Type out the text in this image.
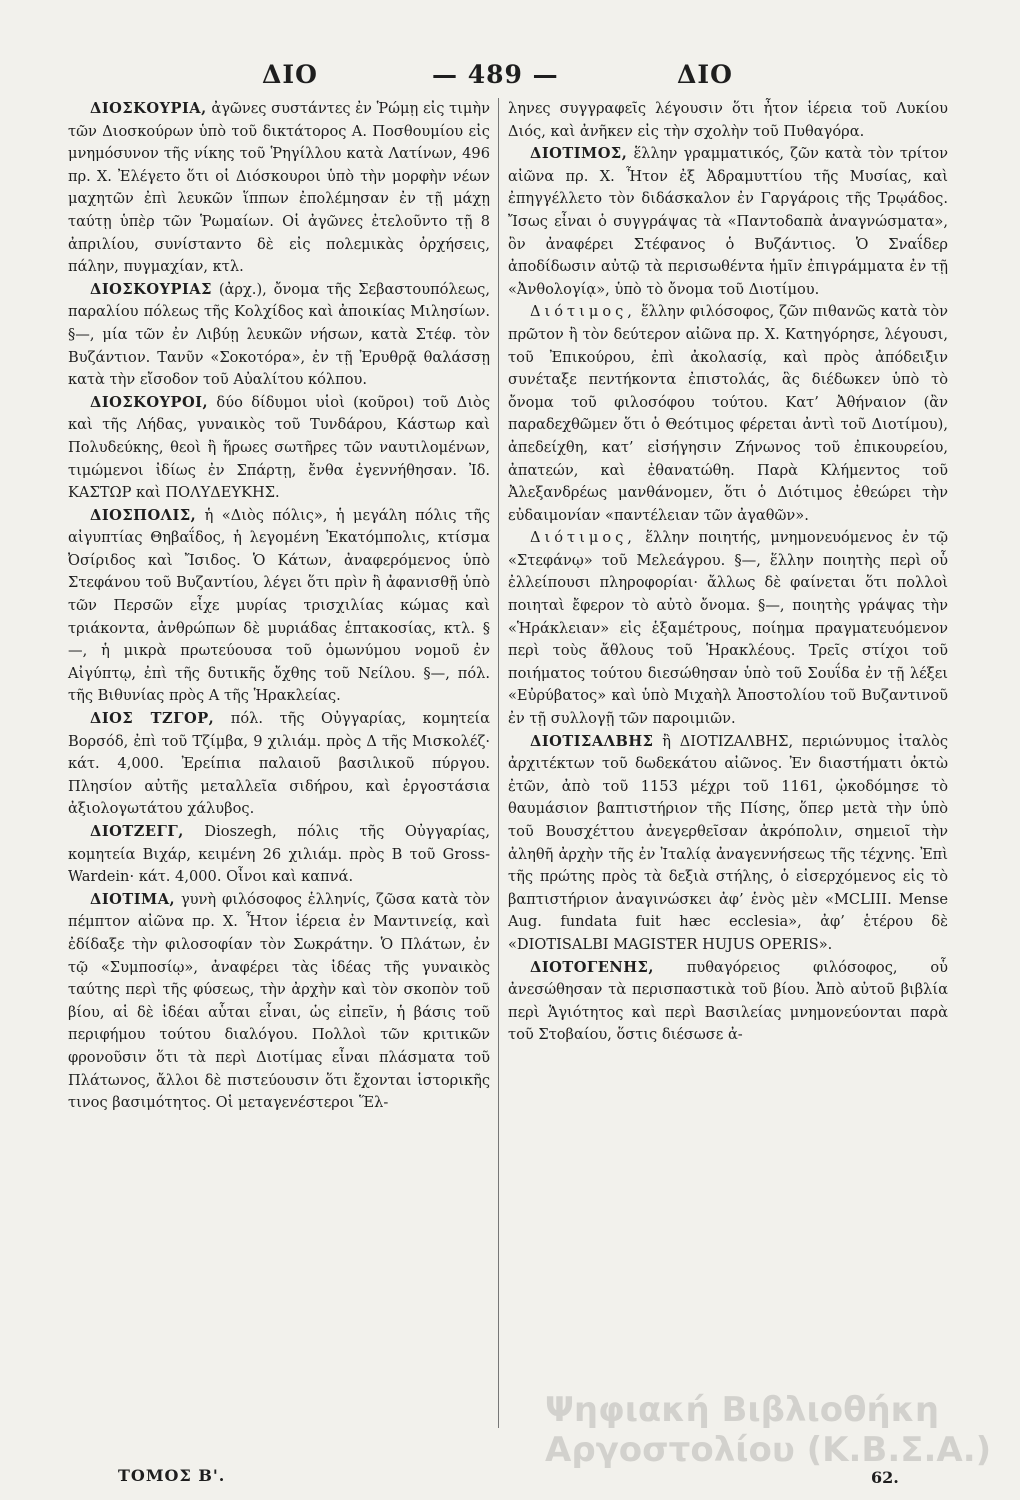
ΔΙΟ	— 489 —	ΔΙΟ

ΔΙΟΣΚΟΥΡΙΑ, ἀγῶνες συστάντες ἐν Ῥώμῃ εἰς τιμὴν τῶν Διοσκούρων ὑπὸ τοῦ δικτάτορος Α. Ποσθουμίου εἰς μνημόσυνον τῆς νίκης τοῦ Ῥηγίλλου κατὰ Λατίνων, 496 πρ. Χ. Ἐλέγετο ὅτι οἱ Διόσκουροι ὑπὸ τὴν μορφὴν νέων μαχητῶν ἐπὶ λευκῶν ἵππων ἐπολέμησαν ἐν τῇ μάχῃ ταύτῃ ὑπὲρ τῶν Ῥωμαίων. Οἱ ἀγῶνες ἐτελοῦντο τῇ 8 ἀπριλίου, συνίσταντο δὲ εἰς πολεμικὰς ὀρχήσεις, πάλην, πυγμαχίαν, κτλ.

ΔΙΟΣΚΟΥΡΙΑΣ (ἀρχ.), ὄνομα τῆς Σεβαστουπόλεως, παραλίου πόλεως τῆς Κολχίδος καὶ ἀποικίας Μιλησίων. §—, μία τῶν ἐν Λιβύῃ λευκῶν νήσων, κατὰ Στέφ. τὸν Βυζάντιον. Τανῦν «Σοκοτόρα», ἐν τῇ Ἐρυθρᾷ θαλάσσῃ κατὰ τὴν εἴσοδον τοῦ Αὐαλίτου κόλπου.

ΔΙΟΣΚΟΥΡΟΙ, δύο δίδυμοι υἱοὶ (κοῦροι) τοῦ Διὸς καὶ τῆς Λήδας, γυναικὸς τοῦ Τυνδάρου, Κάστωρ καὶ Πολυδεύκης, θεοὶ ἢ ἥρωες σωτῆρες τῶν ναυτιλομένων, τιμώμενοι ἰδίως ἐν Σπάρτῃ, ἔνθα ἐγεννήθησαν. Ἰδ. ΚΑΣΤΩΡ καὶ ΠΟΛΥΔΕΥΚΗΣ.

ΔΙΟΣΠΟΛΙΣ, ἡ «Διὸς πόλις», ἡ μεγάλη πόλις τῆς αἰγυπτίας Θηβαΐδος, ἡ λεγομένη Ἑκατόμπολις, κτίσμα Ὀσίριδος καὶ Ἴσιδος. Ὁ Κάτων, ἀναφερόμενος ὑπὸ Στεφάνου τοῦ Βυζαντίου, λέγει ὅτι πρὶν ἢ ἀφανισθῇ ὑπὸ τῶν Περσῶν εἶχε μυρίας τρισχιλίας κώμας καὶ τριάκοντα, ἀνθρώπων δὲ μυριάδας ἑπτακοσίας, κτλ. §—, ἡ μικρὰ πρωτεύουσα τοῦ ὁμωνύμου νομοῦ ἐν Αἰγύπτῳ, ἐπὶ τῆς δυτικῆς ὄχθης τοῦ Νείλου. §—, πόλ. τῆς Βιθυνίας πρὸς Α τῆς Ἡρακλείας.

ΔΙΟΣ ΤΖΓΟΡ, πόλ. τῆς Οὐγγαρίας, κομητεία Βορσόδ, ἐπὶ τοῦ Τζίμβα, 9 χιλιάμ. πρὸς Δ τῆς Μισκολέζ· κάτ. 4,000. Ἐρείπια παλαιοῦ βασιλικοῦ πύργου. Πλησίον αὐτῆς μεταλλεῖα σιδήρου, καὶ ἐργοστάσια ἀξιολογωτάτου χάλυβος.

ΔΙΟΤΖΕΓΓ, Dioszegh, πόλις τῆς Οὐγγαρίας, κομητεία Βιχάρ, κειμένη 26 χιλιάμ. πρὸς Β τοῦ Gross-Wardein· κάτ. 4,000. Οἶνοι καὶ καπνά.

ΔΙΟΤΙΜΑ, γυνὴ φιλόσοφος ἑλληνίς, ζῶσα κατὰ τὸν πέμπτον αἰῶνα πρ. Χ. Ἦτον ἱέρεια ἐν Μαντινείᾳ, καὶ ἐδίδαξε τὴν φιλοσοφίαν τὸν Σωκράτην. Ὁ Πλάτων, ἐν τῷ «Συμποσίῳ», ἀναφέρει τὰς ἰδέας τῆς γυναικὸς ταύτης περὶ τῆς φύσεως, τὴν ἀρχὴν καὶ τὸν σκοπὸν τοῦ βίου, αἱ δὲ ἰδέαι αὗται εἶναι, ὡς εἰπεῖν, ἡ βάσις τοῦ περιφήμου τούτου διαλόγου. Πολλοὶ τῶν κριτικῶν φρονοῦσιν ὅτι τὰ περὶ Διοτίμας εἶναι πλάσματα τοῦ Πλάτωνος, ἄλλοι δὲ πιστεύουσιν ὅτι ἔχονται ἱστορικῆς τινος βασιμότητος. Οἱ μεταγενέστεροι Ἕλ-

ληνες συγγραφεῖς λέγουσιν ὅτι ἦτον ἱέρεια τοῦ Λυκίου Διός, καὶ ἀνῆκεν εἰς τὴν σχολὴν τοῦ Πυθαγόρα.

ΔΙΟΤΙΜΟΣ, ἕλλην γραμματικός, ζῶν κατὰ τὸν τρίτον αἰῶνα πρ. Χ. Ἦτον ἐξ Ἀδραμυττίου τῆς Μυσίας, καὶ ἐπηγγέλλετο τὸν διδάσκαλον ἐν Γαργάροις τῆς Τρῳάδος. Ἴσως εἶναι ὁ συγγράψας τὰ «Παντοδαπὰ ἀναγνώσματα», ὃν ἀναφέρει Στέφανος ὁ Βυζάντιος. Ὁ Σναΐδερ ἀποδίδωσιν αὐτῷ τὰ περισωθέντα ἡμῖν ἐπιγράμματα ἐν τῇ «Ἀνθολογίᾳ», ὑπὸ τὸ ὄνομα τοῦ Διοτίμου.

Διότιμος, ἕλλην φιλόσοφος, ζῶν πιθανῶς κατὰ τὸν πρῶτον ἢ τὸν δεύτερον αἰῶνα πρ. Χ. Κατηγόρησε, λέγουσι, τοῦ Ἐπικούρου, ἐπὶ ἀκολασίᾳ, καὶ πρὸς ἀπόδειξιν συνέταξε πεντήκοντα ἐπιστολάς, ἃς διέδωκεν ὑπὸ τὸ ὄνομα τοῦ φιλοσόφου τούτου. Κατ’ Ἀθήναιον (ἂν παραδεχθῶμεν ὅτι ὁ Θεότιμος φέρεται ἀντὶ τοῦ Διοτίμου), ἀπεδείχθη, κατ’ εἰσήγησιν Ζήνωνος τοῦ ἐπικουρείου, ἀπατεών, καὶ ἐθανατώθη. Παρὰ Κλήμεντος τοῦ Ἀλεξανδρέως μανθάνομεν, ὅτι ὁ Διότιμος ἐθεώρει τὴν εὐδαιμονίαν «παντέλειαν τῶν ἀγαθῶν».

Διότιμος, ἕλλην ποιητής, μνημονευόμενος ἐν τῷ «Στεφάνῳ» τοῦ Μελεάγρου. §—, ἕλλην ποιητὴς περὶ οὗ ἐλλείπουσι πληροφορίαι· ἄλλως δὲ φαίνεται ὅτι πολλοὶ ποιηταὶ ἔφερον τὸ αὐτὸ ὄνομα. §—, ποιητὴς γράψας τὴν «Ἡράκλειαν» εἰς ἑξαμέτρους, ποίημα πραγματευόμενον περὶ τοὺς ἄθλους τοῦ Ἡρακλέους. Τρεῖς στίχοι τοῦ ποιήματος τούτου διεσώθησαν ὑπὸ τοῦ Σουΐδα ἐν τῇ λέξει «Εὐρύβατος» καὶ ὑπὸ Μιχαὴλ Ἀποστολίου τοῦ Βυζαντινοῦ ἐν τῇ συλλογῇ τῶν παροιμιῶν.

ΔΙΟΤΙΣΑΛΒΗΣ ἢ ΔΙΟΤΙΖΑΛΒΗΣ, περιώνυμος ἰταλὸς ἀρχιτέκτων τοῦ δωδεκάτου αἰῶνος. Ἐν διαστήματι ὀκτὼ ἐτῶν, ἀπὸ τοῦ 1153 μέχρι τοῦ 1161, ᾠκοδόμησε τὸ θαυμάσιον βαπτιστήριον τῆς Πίσης, ὅπερ μετὰ τὴν ὑπὸ τοῦ Βουσχέττου ἀνεγερθεῖσαν ἀκρόπολιν, σημειοῖ τὴν ἀληθῆ ἀρχὴν τῆς ἐν Ἰταλίᾳ ἀναγεννήσεως τῆς τέχνης. Ἐπὶ τῆς πρώτης πρὸς τὰ δεξιὰ στήλης, ὁ εἰσερχόμενος εἰς τὸ βαπτιστήριον ἀναγινώσκει ἀφ’ ἑνὸς μὲν «MCLIII. Mense Aug. fundata fuit hæc ecclesia», ἀφ’ ἑτέρου δὲ «DIOTISALBI MAGISTER HUJUS OPERIS».

ΔΙΟΤΟΓΕΝΗΣ, πυθαγόρειος φιλόσοφος, οὗ ἀνεσώθησαν τὰ περισπαστικὰ τοῦ βίου. Ἀπὸ αὐτοῦ βιβλία περὶ Ἁγιότητος καὶ περὶ Βασιλείας μνημονεύονται παρὰ τοῦ Στοβαίου, ὅστις διέσωσε ἀ-

Ψηφιακή Βιβλιοθήκη Αργοστολίου (Κ.Β.Σ.Α.)
ΤΟΜΟΣ Β'.	62.
